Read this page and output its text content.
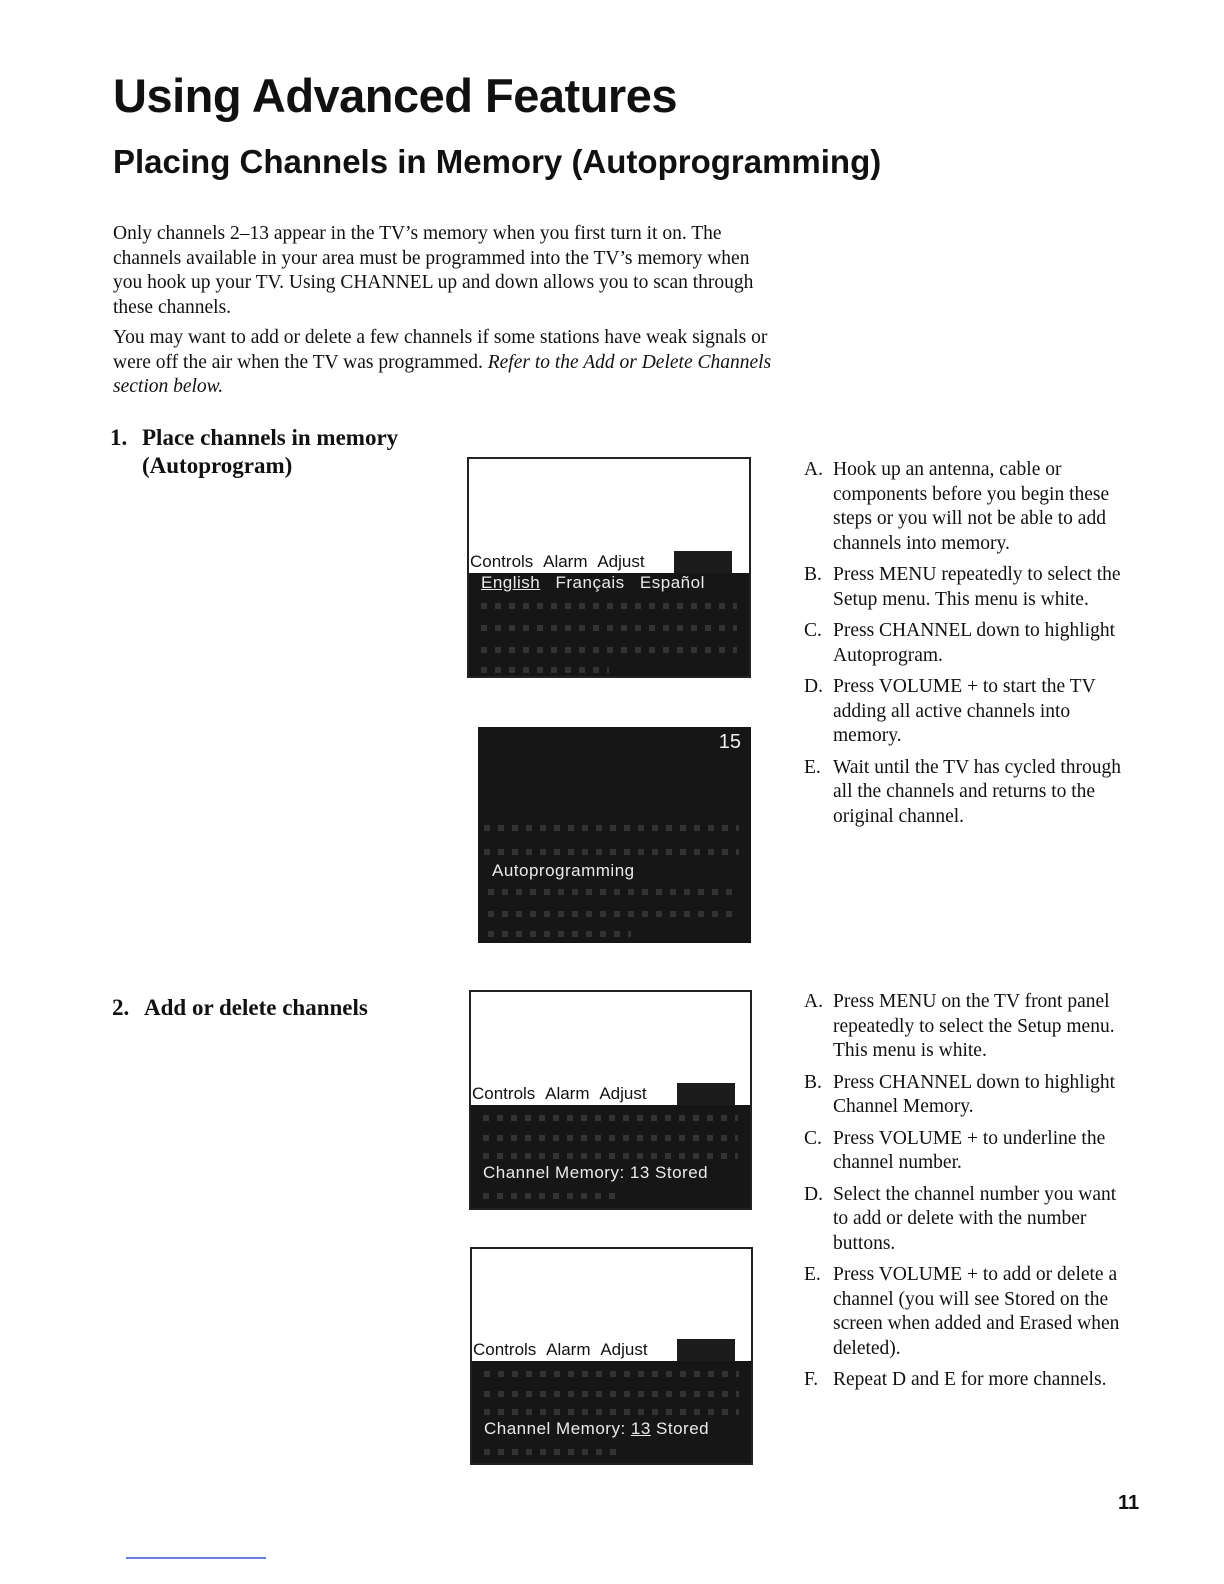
Using Advanced Features
Placing Channels in Memory (Autoprogramming)

Only channels 2–13 appear in the TV’s memory when you first turn it on. The channels available in your area must be programmed into the TV’s memory when you hook up your TV. Using CHANNEL up and down allows you to scan through these channels.

You may want to add or delete a few channels if some stations have weak signals or were off the air when the TV was programmed. Refer to the Add or Delete Channels section below.

1. Place channels in memory (Autoprogram)
Controls Alarm Adjust
English Français Español
15
Autoprogramming
A. Hook up an antenna, cable or components before you begin these steps or you will not be able to add channels into memory.
B. Press MENU repeatedly to select the Setup menu. This menu is white.
C. Press CHANNEL down to highlight Autoprogram.
D. Press VOLUME + to start the TV adding all active channels into memory.
E. Wait until the TV has cycled through all the channels and returns to the original channel.
2. Add or delete channels
Controls Alarm Adjust
Channel Memory: 13 Stored
Controls Alarm Adjust
Channel Memory: 13 Stored
A. Press MENU on the TV front panel repeatedly to select the Setup menu. This menu is white.
B. Press CHANNEL down to highlight Channel Memory.
C. Press VOLUME + to underline the channel number.
D. Select the channel number you want to add or delete with the number buttons.
E. Press VOLUME + to add or delete a channel (you will see Stored on the screen when added and Erased when deleted).
F. Repeat D and E for more channels.
11
